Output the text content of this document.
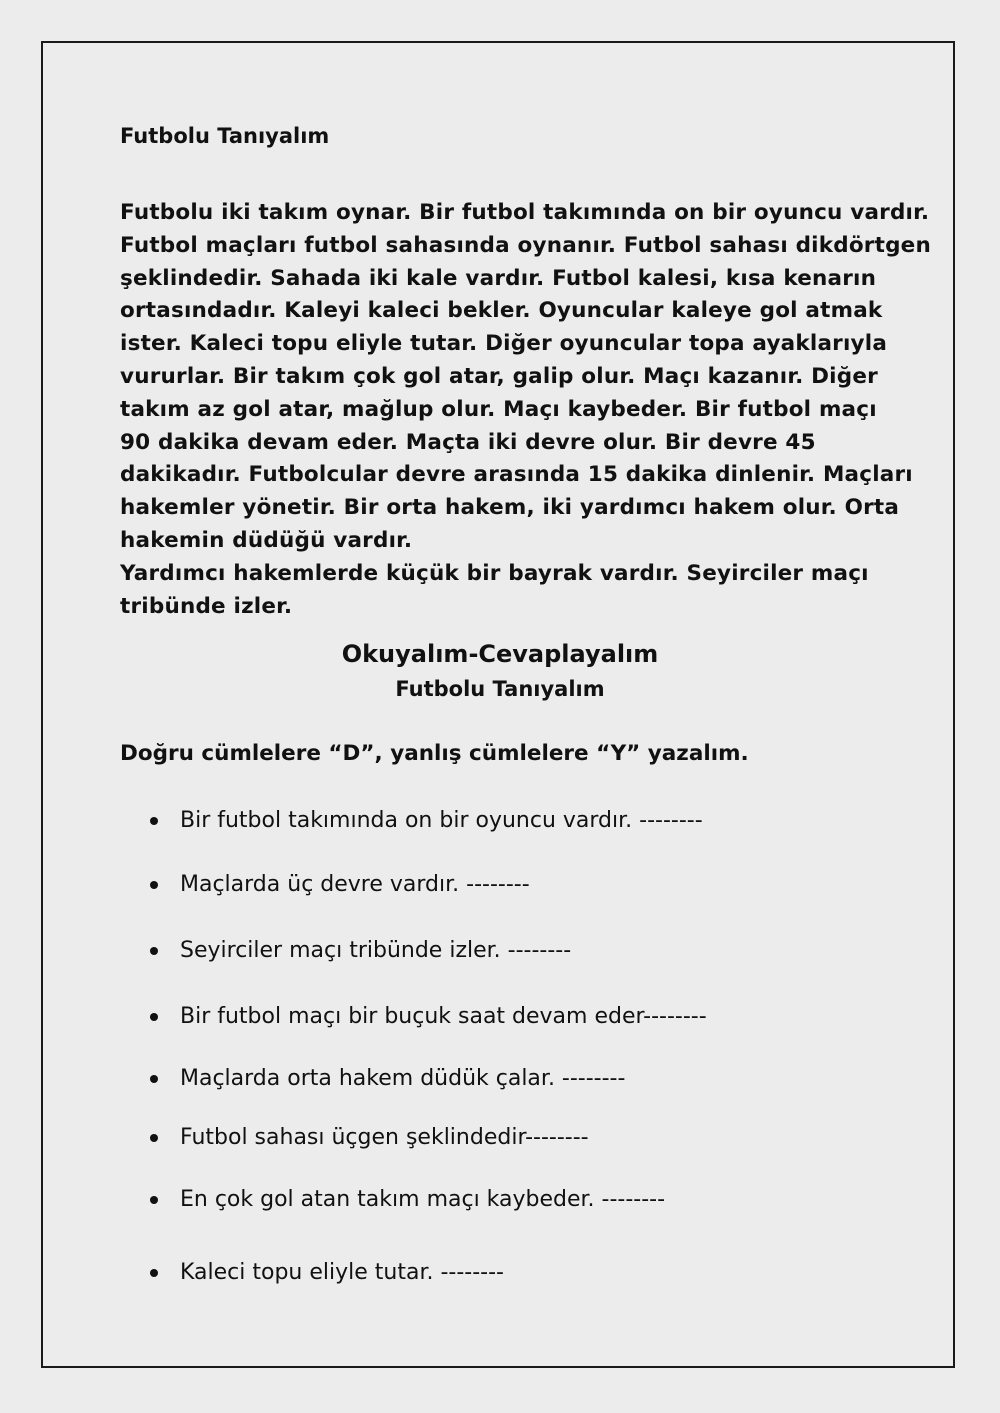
Futbolu Tanıyalım
Futbolu iki takım oynar. Bir futbol takımında on bir oyuncu vardır.
Futbol maçları futbol sahasında oynanır. Futbol sahası dikdörtgen
şeklindedir. Sahada iki kale vardır. Futbol kalesi, kısa kenarın
ortasındadır. Kaleyi kaleci bekler. Oyuncular kaleye gol atmak
ister. Kaleci topu eliyle tutar. Diğer oyuncular topa ayaklarıyla
vururlar. Bir takım çok gol atar, galip olur. Maçı kazanır. Diğer
takım az gol atar, mağlup olur. Maçı kaybeder. Bir futbol maçı
90 dakika devam eder. Maçta iki devre olur. Bir devre 45
dakikadır. Futbolcular devre arasında 15 dakika dinlenir. Maçları
hakemler yönetir. Bir orta hakem, iki yardımcı hakem olur. Orta
hakemin düdüğü vardır.
Yardımcı hakemlerde küçük bir bayrak vardır. Seyirciler maçı
tribünde izler.
Okuyalım-Cevaplayalım
Futbolu Tanıyalım

Doğru cümlelere “D”, yanlış cümlelere “Y” yazalım.

Bir futbol takımında on bir oyuncu vardır. --------
Maçlarda üç devre vardır. --------
Seyirciler maçı tribünde izler. --------
Bir futbol maçı bir buçuk saat devam eder--------
Maçlarda orta hakem düdük çalar. --------
Futbol sahası üçgen şeklindedir--------
En çok gol atan takım maçı kaybeder. --------
Kaleci topu eliyle tutar. --------
